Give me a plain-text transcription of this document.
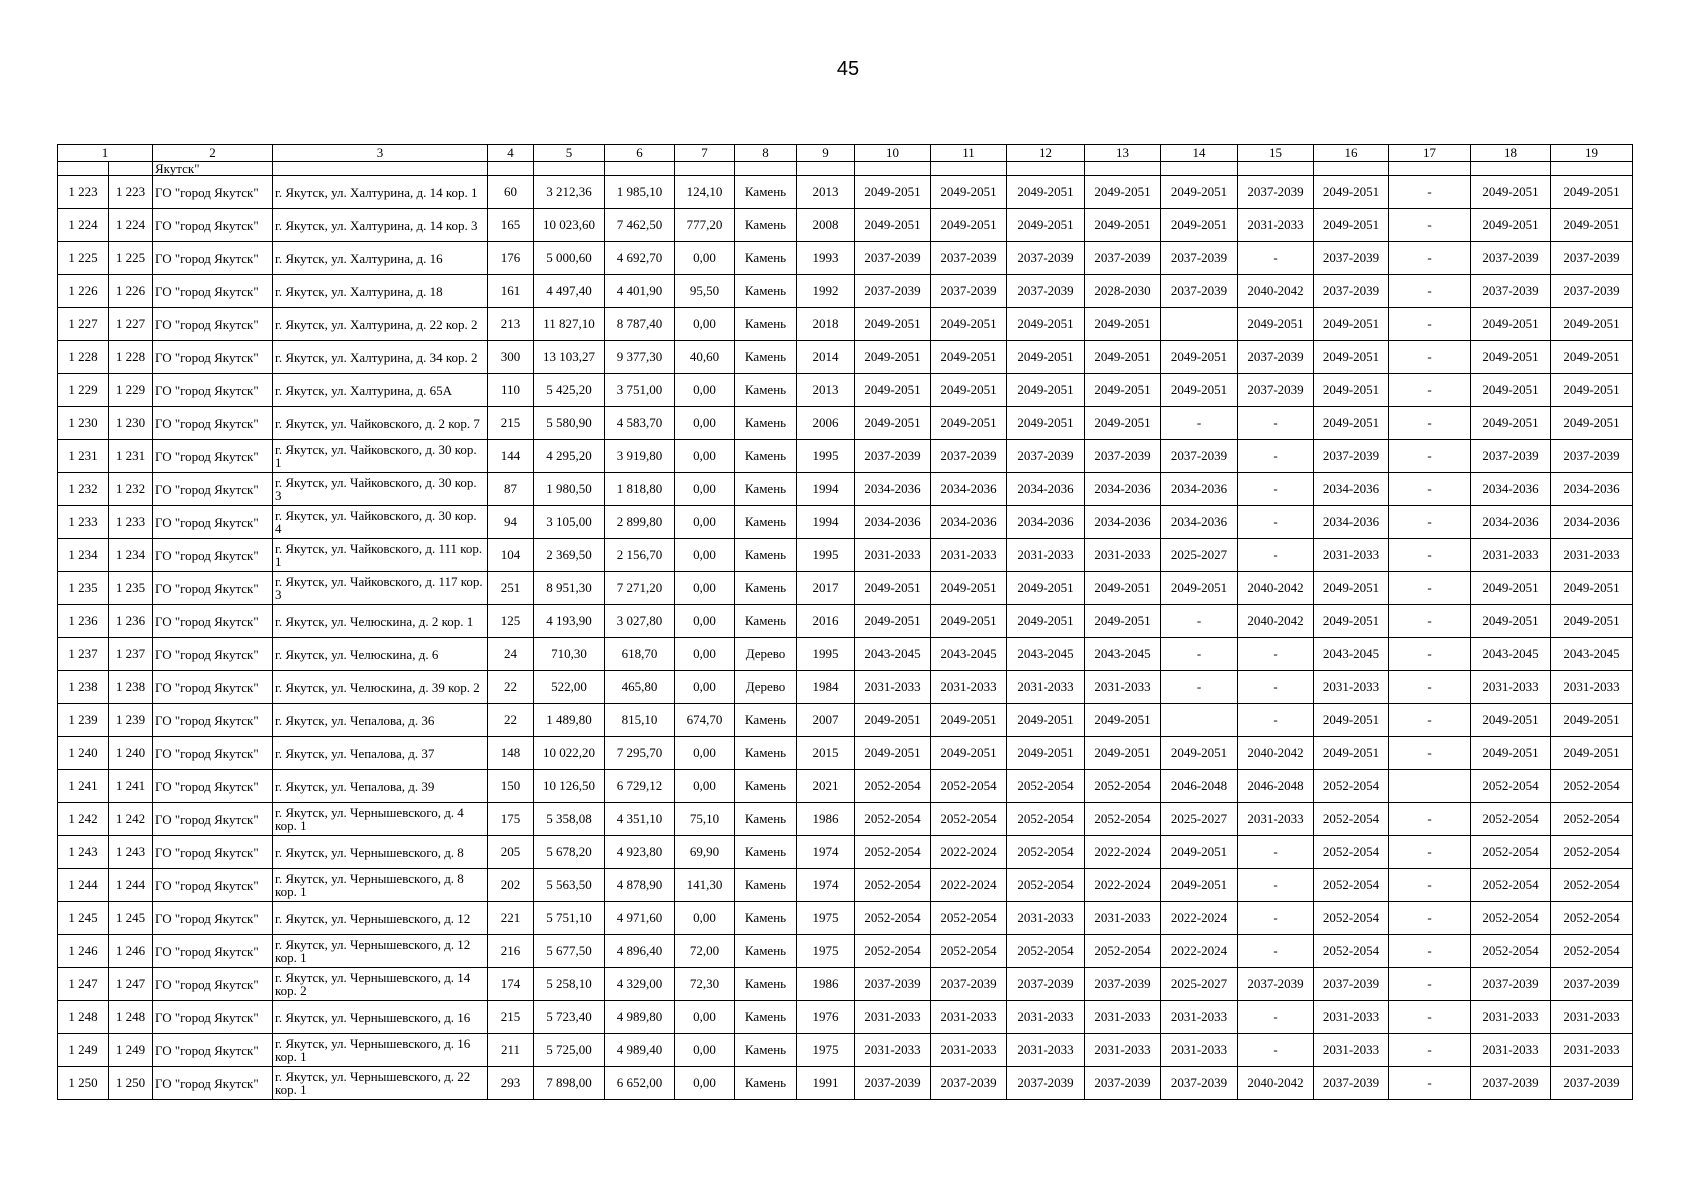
45
1		2	3	4	5	6	7	8	9	10	11	12	13	14	15	16	17	18	19
		Якутск"																	
1 223	1 223	ГО "город Якутск"	г. Якутск, ул. Халтурина, д. 14 кор. 1	60	3 212,36	1 985,10	124,10	Камень	2013	2049-2051	2049-2051	2049-2051	2049-2051	2049-2051	2037-2039	2049-2051	-	2049-2051	2049-2051
1 224	1 224	ГО "город Якутск"	г. Якутск, ул. Халтурина, д. 14 кор. 3	165	10 023,60	7 462,50	777,20	Камень	2008	2049-2051	2049-2051	2049-2051	2049-2051	2049-2051	2031-2033	2049-2051	-	2049-2051	2049-2051
1 225	1 225	ГО "город Якутск"	г. Якутск, ул. Халтурина, д. 16	176	5 000,60	4 692,70	0,00	Камень	1993	2037-2039	2037-2039	2037-2039	2037-2039	2037-2039	-	2037-2039	-	2037-2039	2037-2039
1 226	1 226	ГО "город Якутск"	г. Якутск, ул. Халтурина, д. 18	161	4 497,40	4 401,90	95,50	Камень	1992	2037-2039	2037-2039	2037-2039	2028-2030	2037-2039	2040-2042	2037-2039	-	2037-2039	2037-2039
1 227	1 227	ГО "город Якутск"	г. Якутск, ул. Халтурина, д. 22 кор. 2	213	11 827,10	8 787,40	0,00	Камень	2018	2049-2051	2049-2051	2049-2051	2049-2051		2049-2051	2049-2051	-	2049-2051	2049-2051
1 228	1 228	ГО "город Якутск"	г. Якутск, ул. Халтурина, д. 34 кор. 2	300	13 103,27	9 377,30	40,60	Камень	2014	2049-2051	2049-2051	2049-2051	2049-2051	2049-2051	2037-2039	2049-2051	-	2049-2051	2049-2051
1 229	1 229	ГО "город Якутск"	г. Якутск, ул. Халтурина, д. 65А	110	5 425,20	3 751,00	0,00	Камень	2013	2049-2051	2049-2051	2049-2051	2049-2051	2049-2051	2037-2039	2049-2051	-	2049-2051	2049-2051
1 230	1 230	ГО "город Якутск"	г. Якутск, ул. Чайковского, д. 2 кор. 7	215	5 580,90	4 583,70	0,00	Камень	2006	2049-2051	2049-2051	2049-2051	2049-2051	-	-	2049-2051	-	2049-2051	2049-2051
1 231	1 231	ГО "город Якутск"	г. Якутск, ул. Чайковского, д. 30 кор. 1	144	4 295,20	3 919,80	0,00	Камень	1995	2037-2039	2037-2039	2037-2039	2037-2039	2037-2039	-	2037-2039	-	2037-2039	2037-2039
1 232	1 232	ГО "город Якутск"	г. Якутск, ул. Чайковского, д. 30 кор. 3	87	1 980,50	1 818,80	0,00	Камень	1994	2034-2036	2034-2036	2034-2036	2034-2036	2034-2036	-	2034-2036	-	2034-2036	2034-2036
1 233	1 233	ГО "город Якутск"	г. Якутск, ул. Чайковского, д. 30 кор. 4	94	3 105,00	2 899,80	0,00	Камень	1994	2034-2036	2034-2036	2034-2036	2034-2036	2034-2036	-	2034-2036	-	2034-2036	2034-2036
1 234	1 234	ГО "город Якутск"	г. Якутск, ул. Чайковского, д. 111 кор. 1	104	2 369,50	2 156,70	0,00	Камень	1995	2031-2033	2031-2033	2031-2033	2031-2033	2025-2027	-	2031-2033	-	2031-2033	2031-2033
1 235	1 235	ГО "город Якутск"	г. Якутск, ул. Чайковского, д. 117 кор. 3	251	8 951,30	7 271,20	0,00	Камень	2017	2049-2051	2049-2051	2049-2051	2049-2051	2049-2051	2040-2042	2049-2051	-	2049-2051	2049-2051
1 236	1 236	ГО "город Якутск"	г. Якутск, ул. Челюскина, д. 2 кор. 1	125	4 193,90	3 027,80	0,00	Камень	2016	2049-2051	2049-2051	2049-2051	2049-2051	-	2040-2042	2049-2051	-	2049-2051	2049-2051
1 237	1 237	ГО "город Якутск"	г. Якутск, ул. Челюскина, д. 6	24	710,30	618,70	0,00	Дерево	1995	2043-2045	2043-2045	2043-2045	2043-2045	-	-	2043-2045	-	2043-2045	2043-2045
1 238	1 238	ГО "город Якутск"	г. Якутск, ул. Челюскина, д. 39 кор. 2	22	522,00	465,80	0,00	Дерево	1984	2031-2033	2031-2033	2031-2033	2031-2033	-	-	2031-2033	-	2031-2033	2031-2033
1 239	1 239	ГО "город Якутск"	г. Якутск, ул. Чепалова, д. 36	22	1 489,80	815,10	674,70	Камень	2007	2049-2051	2049-2051	2049-2051	2049-2051		-	2049-2051	-	2049-2051	2049-2051
1 240	1 240	ГО "город Якутск"	г. Якутск, ул. Чепалова, д. 37	148	10 022,20	7 295,70	0,00	Камень	2015	2049-2051	2049-2051	2049-2051	2049-2051	2049-2051	2040-2042	2049-2051	-	2049-2051	2049-2051
1 241	1 241	ГО "город Якутск"	г. Якутск, ул. Чепалова, д. 39	150	10 126,50	6 729,12	0,00	Камень	2021	2052-2054	2052-2054	2052-2054	2052-2054	2046-2048	2046-2048	2052-2054		2052-2054	2052-2054
1 242	1 242	ГО "город Якутск"	г. Якутск, ул. Чернышевского, д. 4 кор. 1	175	5 358,08	4 351,10	75,10	Камень	1986	2052-2054	2052-2054	2052-2054	2052-2054	2025-2027	2031-2033	2052-2054	-	2052-2054	2052-2054
1 243	1 243	ГО "город Якутск"	г. Якутск, ул. Чернышевского, д. 8	205	5 678,20	4 923,80	69,90	Камень	1974	2052-2054	2022-2024	2052-2054	2022-2024	2049-2051	-	2052-2054	-	2052-2054	2052-2054
1 244	1 244	ГО "город Якутск"	г. Якутск, ул. Чернышевского, д. 8 кор. 1	202	5 563,50	4 878,90	141,30	Камень	1974	2052-2054	2022-2024	2052-2054	2022-2024	2049-2051	-	2052-2054	-	2052-2054	2052-2054
1 245	1 245	ГО "город Якутск"	г. Якутск, ул. Чернышевского, д. 12	221	5 751,10	4 971,60	0,00	Камень	1975	2052-2054	2052-2054	2031-2033	2031-2033	2022-2024	-	2052-2054	-	2052-2054	2052-2054
1 246	1 246	ГО "город Якутск"	г. Якутск, ул. Чернышевского, д. 12 кор. 1	216	5 677,50	4 896,40	72,00	Камень	1975	2052-2054	2052-2054	2052-2054	2052-2054	2022-2024	-	2052-2054	-	2052-2054	2052-2054
1 247	1 247	ГО "город Якутск"	г. Якутск, ул. Чернышевского, д. 14 кор. 2	174	5 258,10	4 329,00	72,30	Камень	1986	2037-2039	2037-2039	2037-2039	2037-2039	2025-2027	2037-2039	2037-2039	-	2037-2039	2037-2039
1 248	1 248	ГО "город Якутск"	г. Якутск, ул. Чернышевского, д. 16	215	5 723,40	4 989,80	0,00	Камень	1976	2031-2033	2031-2033	2031-2033	2031-2033	2031-2033	-	2031-2033	-	2031-2033	2031-2033
1 249	1 249	ГО "город Якутск"	г. Якутск, ул. Чернышевского, д. 16 кор. 1	211	5 725,00	4 989,40	0,00	Камень	1975	2031-2033	2031-2033	2031-2033	2031-2033	2031-2033	-	2031-2033	-	2031-2033	2031-2033
1 250	1 250	ГО "город Якутск"	г. Якутск, ул. Чернышевского, д. 22 кор. 1	293	7 898,00	6 652,00	0,00	Камень	1991	2037-2039	2037-2039	2037-2039	2037-2039	2037-2039	2040-2042	2037-2039	-	2037-2039	2037-2039
